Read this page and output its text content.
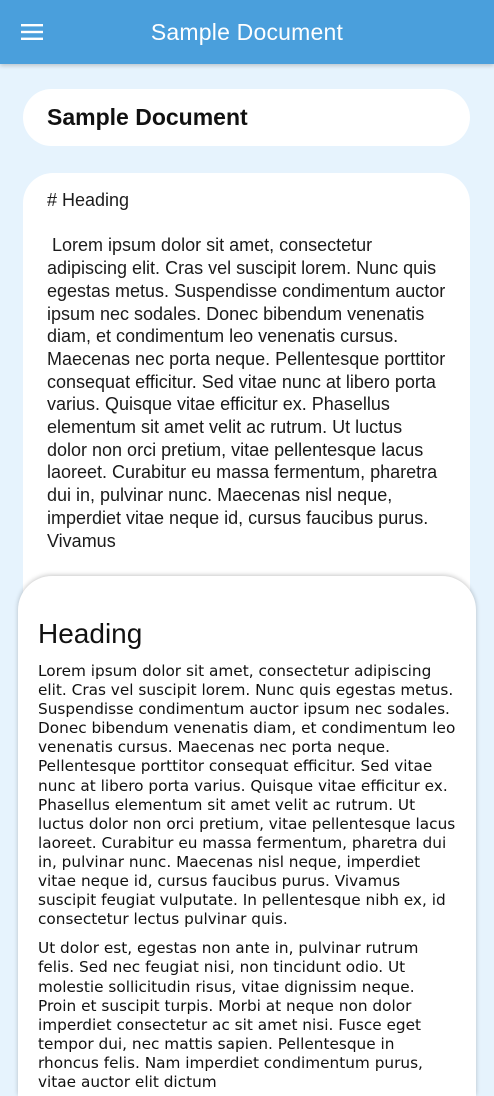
Sample Document
Sample Document
# Heading

Lorem ipsum dolor sit amet, consectetur adipiscing elit. Cras vel suscipit lorem. Nunc quis egestas metus. Suspendisse condimentum auctor ipsum nec sodales. Donec bibendum venenatis diam, et condimentum leo venenatis cursus. Maecenas nec porta neque. Pellentesque porttitor consequat efficitur. Sed vitae nunc at libero porta varius. Quisque vitae efficitur ex. Phasellus elementum sit amet velit ac rutrum. Ut luctus dolor non orci pretium, vitae pellentesque lacus laoreet. Curabitur eu massa fermentum, pharetra dui in, pulvinar nunc. Maecenas nisl neque, imperdiet vitae neque id, cursus faucibus purus. Vivamus
Heading

Lorem ipsum dolor sit amet, consectetur adipiscing elit. Cras vel suscipit lorem. Nunc quis egestas metus. Suspendisse condimentum auctor ipsum nec sodales. Donec bibendum venenatis diam, et condimentum leo venenatis cursus. Maecenas nec porta neque. Pellentesque porttitor consequat efficitur. Sed vitae nunc at libero porta varius. Quisque vitae efficitur ex. Phasellus elementum sit amet velit ac rutrum. Ut luctus dolor non orci pretium, vitae pellentesque lacus laoreet. Curabitur eu massa fermentum, pharetra dui in, pulvinar nunc. Maecenas nisl neque, imperdiet vitae neque id, cursus faucibus purus. Vivamus suscipit feugiat vulputate. In pellentesque nibh ex, id consectetur lectus pulvinar quis.

Ut dolor est, egestas non ante in, pulvinar rutrum felis. Sed nec feugiat nisi, non tincidunt odio. Ut molestie sollicitudin risus, vitae dignissim neque. Proin et suscipit turpis. Morbi at neque non dolor imperdiet consectetur ac sit amet nisi. Fusce eget tempor dui, nec mattis sapien. Pellentesque in rhoncus felis. Nam imperdiet condimentum purus, vitae auctor elit dictum
